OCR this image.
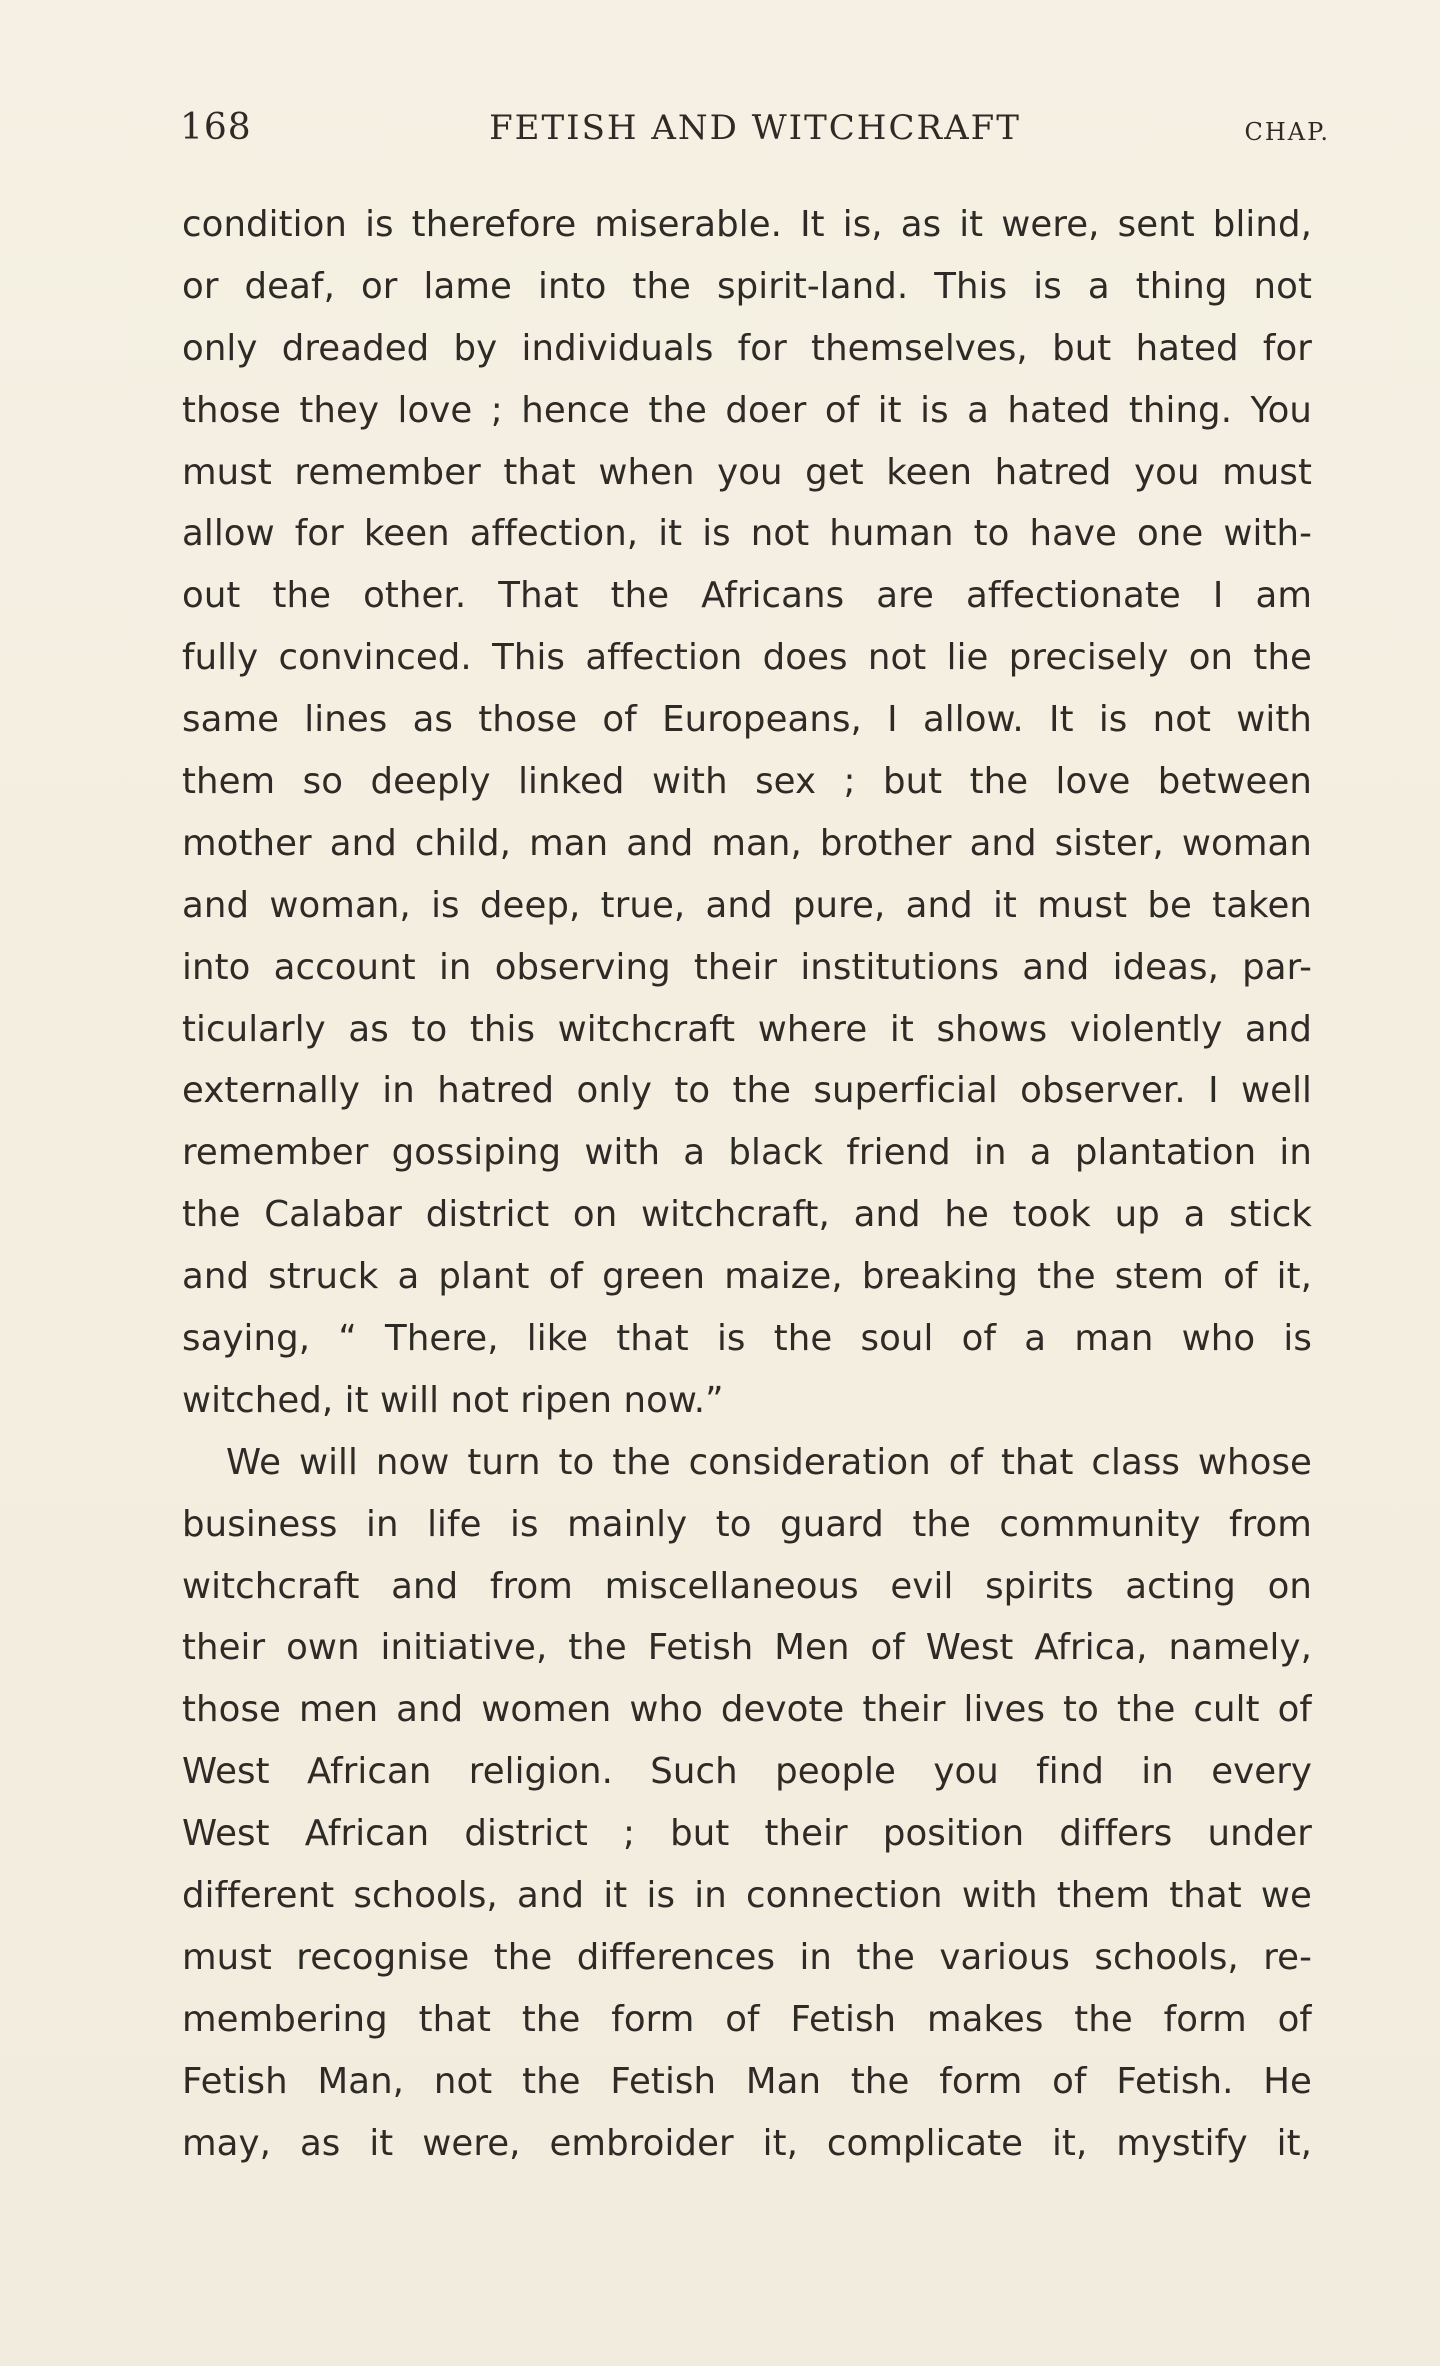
168	FETISH AND WITCHCRAFT	CHAP.
condition is therefore miserable. It is, as it were, sent blind,
or deaf, or lame into the spirit-land. This is a thing not
only dreaded by individuals for themselves, but hated for
those they love ; hence the doer of it is a hated thing. You
must remember that when you get keen hatred you must
allow for keen affection, it is not human to have one with-
out the other. That the Africans are affectionate I am
fully convinced. This affection does not lie precisely on the
same lines as those of Europeans, I allow. It is not with
them so deeply linked with sex ; but the love between
mother and child, man and man, brother and sister, woman
and woman, is deep, true, and pure, and it must be taken
into account in observing their institutions and ideas, par-
ticularly as to this witchcraft where it shows violently and
externally in hatred only to the superficial observer. I well
remember gossiping with a black friend in a plantation in
the Calabar district on witchcraft, and he took up a stick
and struck a plant of green maize, breaking the stem of it,
saying, “ There, like that is the soul of a man who is
witched, it will not ripen now.”
We will now turn to the consideration of that class whose
business in life is mainly to guard the community from
witchcraft and from miscellaneous evil spirits acting on
their own initiative, the Fetish Men of West Africa, namely,
those men and women who devote their lives to the cult of
West African religion. Such people you find in every
West African district ; but their position differs under
different schools, and it is in connection with them that we
must recognise the differences in the various schools, re-
membering that the form of Fetish makes the form of
Fetish Man, not the Fetish Man the form of Fetish. He
may, as it were, embroider it, complicate it, mystify it,
